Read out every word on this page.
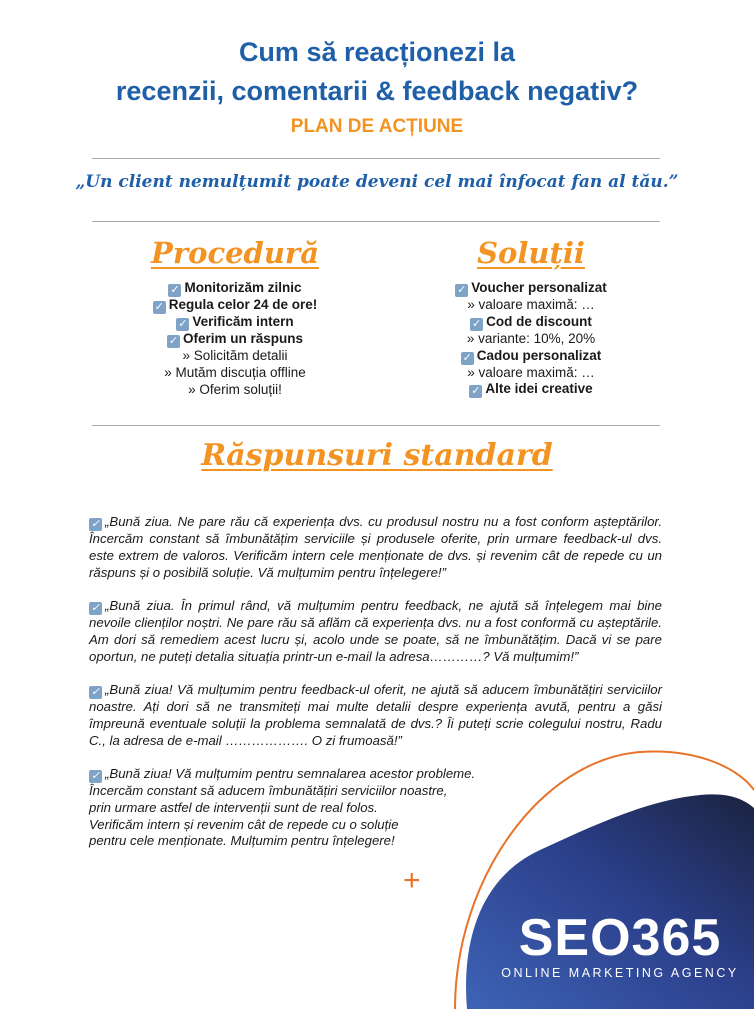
Cum să reacționezi la
recenzii, comentarii & feedback negativ?
PLAN DE ACȚIUNE
„Un client nemulțumit poate deveni cel mai înfocat fan al tău.”
Procedură
✓ Monitorizăm zilnic
✓ Regula celor 24 de ore!
✓ Verificăm intern
✓ Oferim un răspuns
» Solicităm detalii
» Mutăm discuția offline
» Oferim soluții!
Soluții
✓ Voucher personalizat
» valoare maximă: …
✓ Cod de discount
» variante: 10%, 20%
✓ Cadou personalizat
» valoare maximă: …
✓ Alte idei creative
Răspunsuri standard
✓ „Bună ziua. Ne pare rău că experiența dvs. cu produsul nostru nu a fost conform așteptărilor. Încercăm constant să îmbunătățim serviciile și produsele oferite, prin urmare feedback-ul dvs. este extrem de valoros. Verificăm intern cele menționate de dvs. și revenim cât de repede cu un răspuns și o posibilă soluție. Vă mulțumim pentru înțelegere!”
✓ „Bună ziua. În primul rând, vă mulțumim pentru feedback, ne ajută să înțelegem mai bine nevoile clienților noștri. Ne pare rău să aflăm că experiența dvs. nu a fost conformă cu așteptările. Am dori să remediem acest lucru și, acolo unde se poate, să ne îmbunătățim. Dacă vi se pare oportun, ne puteți detalia situația printr-un e-mail la adresa…………? Vă mulțumim!”
✓ „Bună ziua! Vă mulțumim pentru feedback-ul oferit, ne ajută să aducem îmbunătățiri serviciilor noastre. Ați dori să ne transmiteți mai multe detalii despre experiența avută, pentru a găsi împreună eventuale soluții la problema semnalată de dvs.? Îi puteți scrie colegului nostru, Radu C., la adresa de e-mail ………………. O zi frumoasă!”
✓ „Bună ziua! Vă mulțumim pentru semnalarea acestor probleme.
Încercăm constant să aducem îmbunătățiri serviciilor noastre,
prin urmare astfel de intervenții sunt de real folos.
Verificăm intern și revenim cât de repede cu o soluție
pentru cele menționate. Mulțumim pentru înțelegere!
+
SEO365
ONLINE MARKETING AGENCY
